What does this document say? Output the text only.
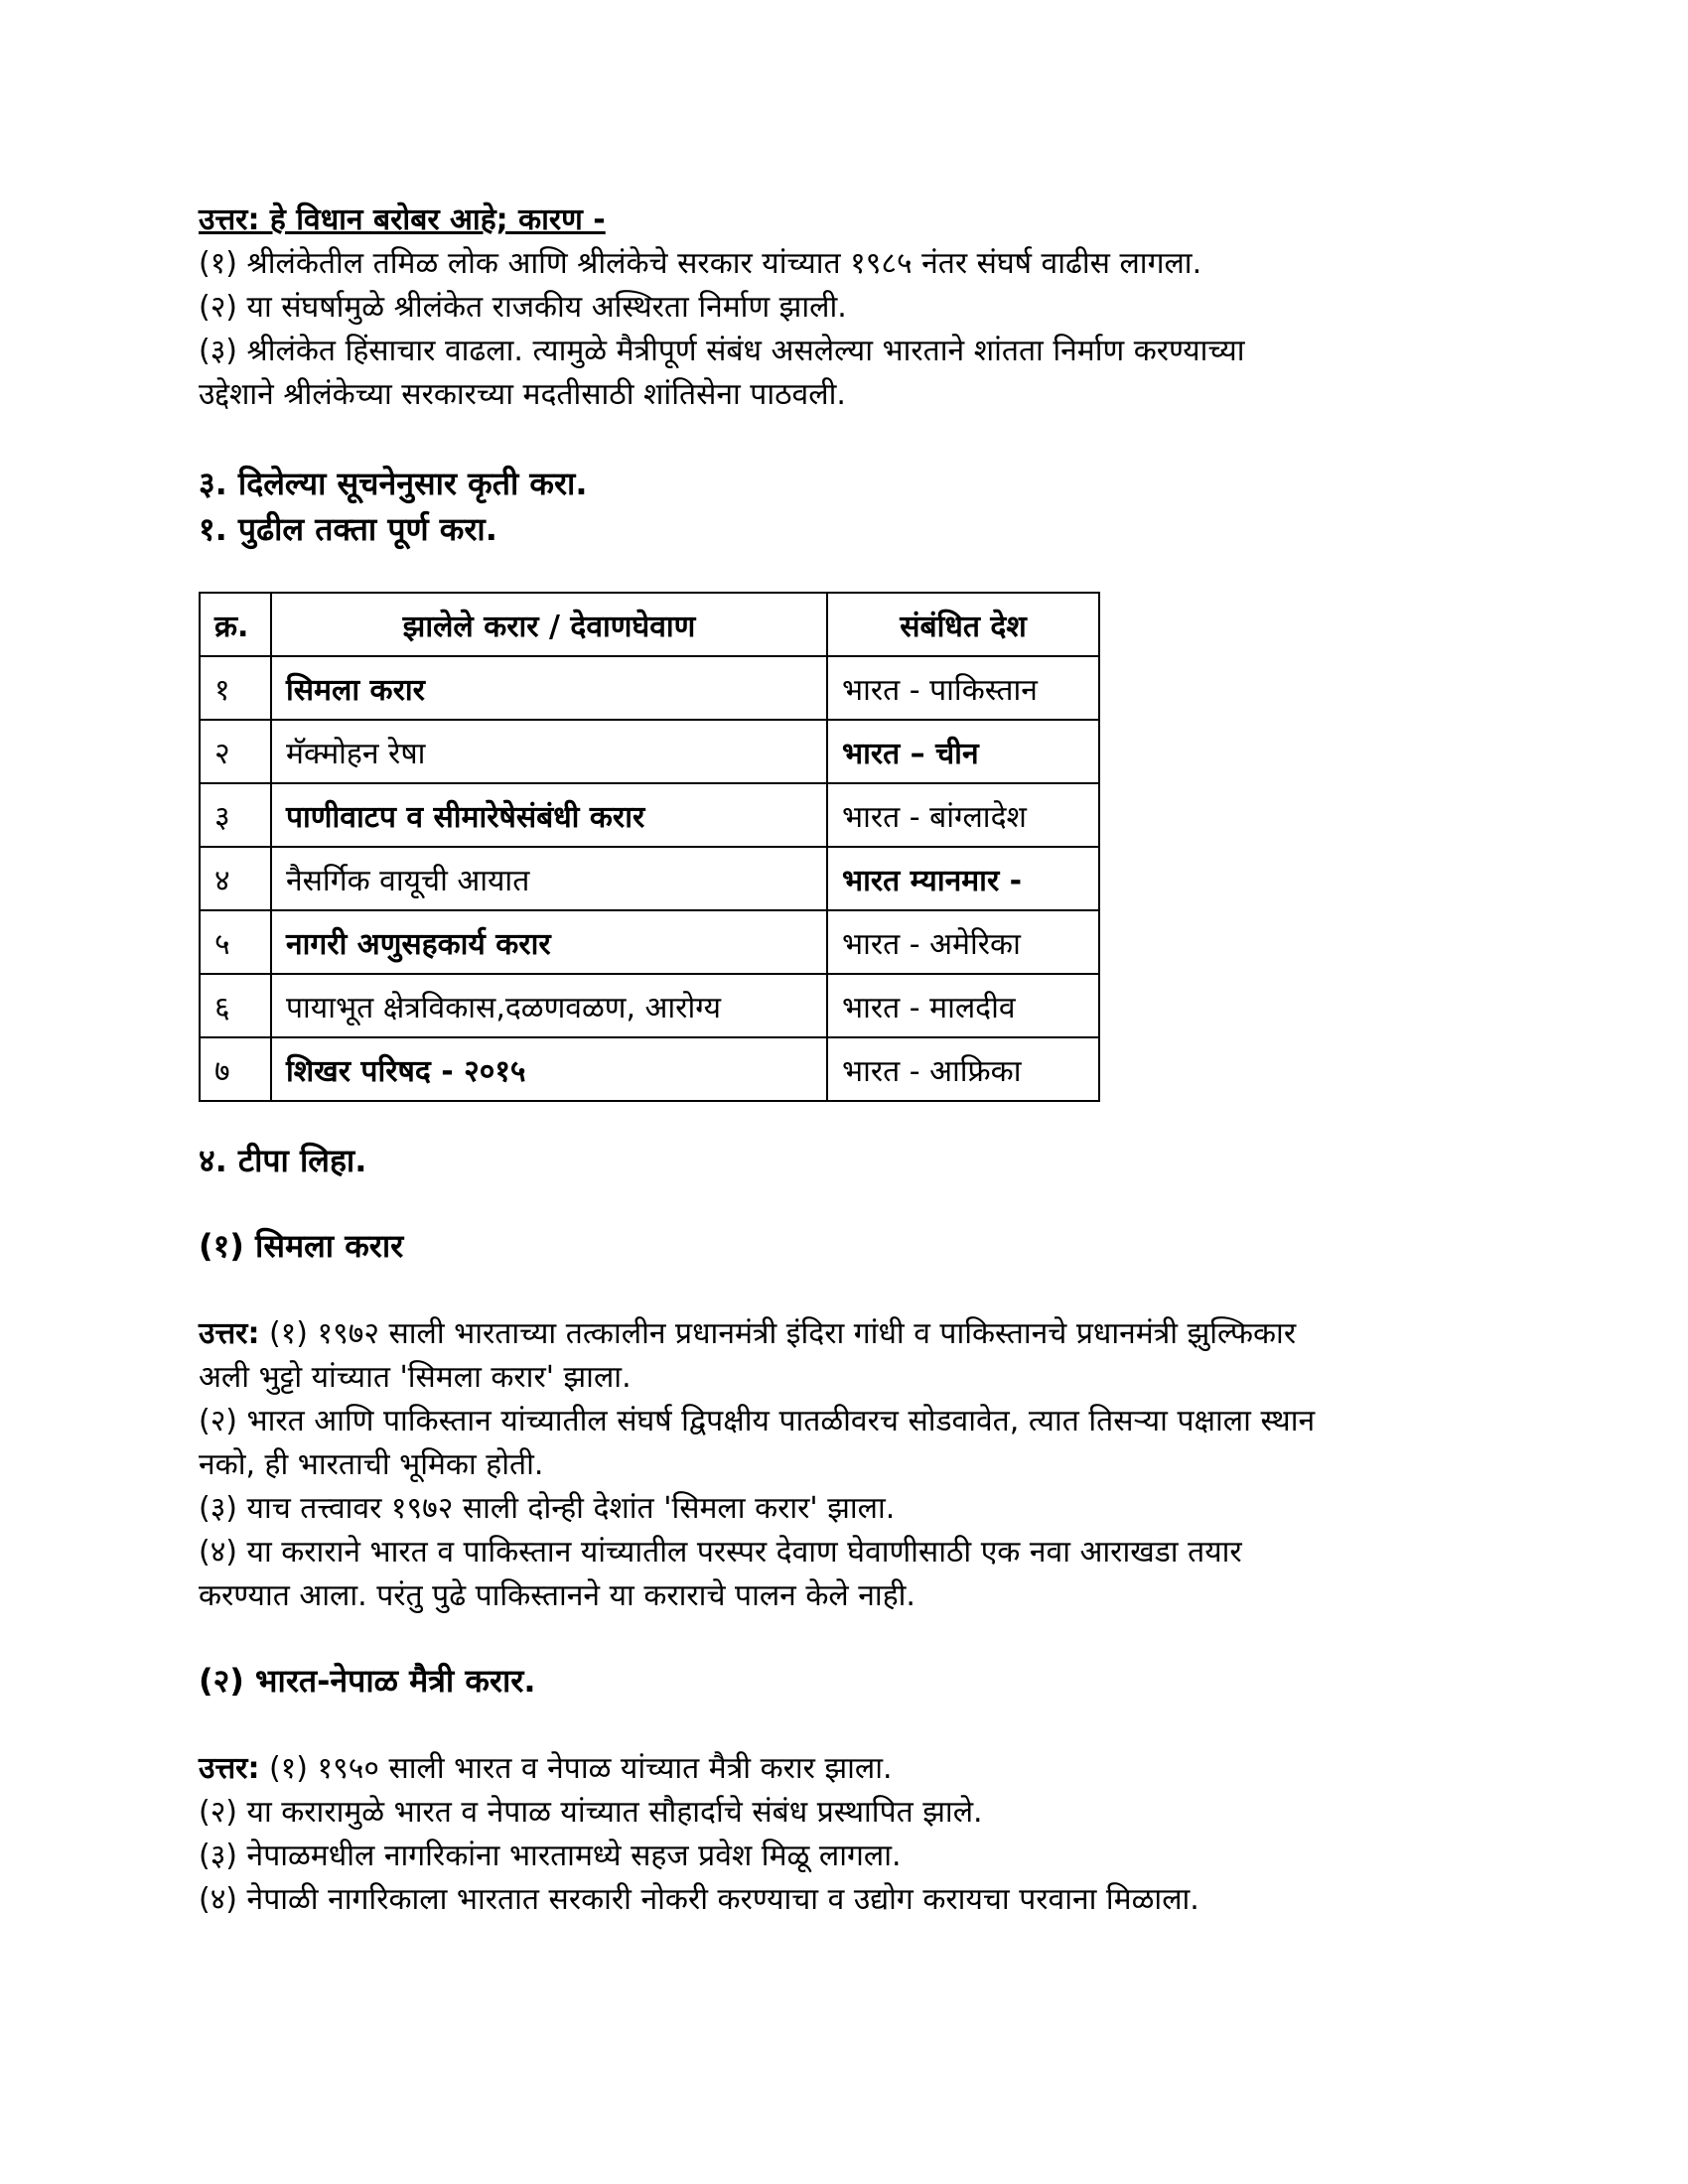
उत्तर: हे विधान बरोबर आहे; कारण -
(१) श्रीलंकेतील तमिळ लोक आणि श्रीलंकेचे सरकार यांच्यात १९८५ नंतर संघर्ष वाढीस लागला.
(२) या संघर्षामुळे श्रीलंकेत राजकीय अस्थिरता निर्माण झाली.
(३) श्रीलंकेत हिंसाचार वाढला. त्यामुळे मैत्रीपूर्ण संबंध असलेल्या भारताने शांतता निर्माण करण्याच्या
उद्देशाने श्रीलंकेच्या सरकारच्या मदतीसाठी शांतिसेना पाठवली.
३. दिलेल्या सूचनेनुसार कृती करा.
१. पुढील तक्ता पूर्ण करा.
क्र.	झालेले करार / देवाणघेवाण	संबंधित देश
१	सिमला करार	भारत - पाकिस्तान
२	मॅक्मोहन रेषा	भारत – चीन
३	पाणीवाटप व सीमारेषेसंबंधी करार	भारत - बांग्लादेश
४	नैसर्गिक वायूची आयात	भारत म्यानमार -
५	नागरी अणुसहकार्य करार	भारत - अमेरिका
६	पायाभूत क्षेत्रविकास,दळणवळण, आरोग्य	भारत - मालदीव
७	शिखर परिषद - २०१५	भारत - आफ्रिका
४. टीपा लिहा.
(१) सिमला करार
उत्तर: (१) १९७२ साली भारताच्या तत्कालीन प्रधानमंत्री इंदिरा गांधी व पाकिस्तानचे प्रधानमंत्री झुल्फिकार
अली भुट्टो यांच्यात 'सिमला करार' झाला.
(२) भारत आणि पाकिस्तान यांच्यातील संघर्ष द्विपक्षीय पातळीवरच सोडवावेत, त्यात तिसऱ्या पक्षाला स्थान
नको, ही भारताची भूमिका होती.
(३) याच तत्त्वावर १९७२ साली दोन्ही देशांत 'सिमला करार' झाला.
(४) या कराराने भारत व पाकिस्तान यांच्यातील परस्पर देवाण घेवाणीसाठी एक नवा आराखडा तयार
करण्यात आला. परंतु पुढे पाकिस्तानने या कराराचे पालन केले नाही.
(२) भारत-नेपाळ मैत्री करार.
उत्तर: (१) १९५० साली भारत व नेपाळ यांच्यात मैत्री करार झाला.
(२) या करारामुळे भारत व नेपाळ यांच्यात सौहार्दाचे संबंध प्रस्थापित झाले.
(३) नेपाळमधील नागरिकांना भारतामध्ये सहज प्रवेश मिळू लागला.
(४) नेपाळी नागरिकाला भारतात सरकारी नोकरी करण्याचा व उद्योग करायचा परवाना मिळाला.
